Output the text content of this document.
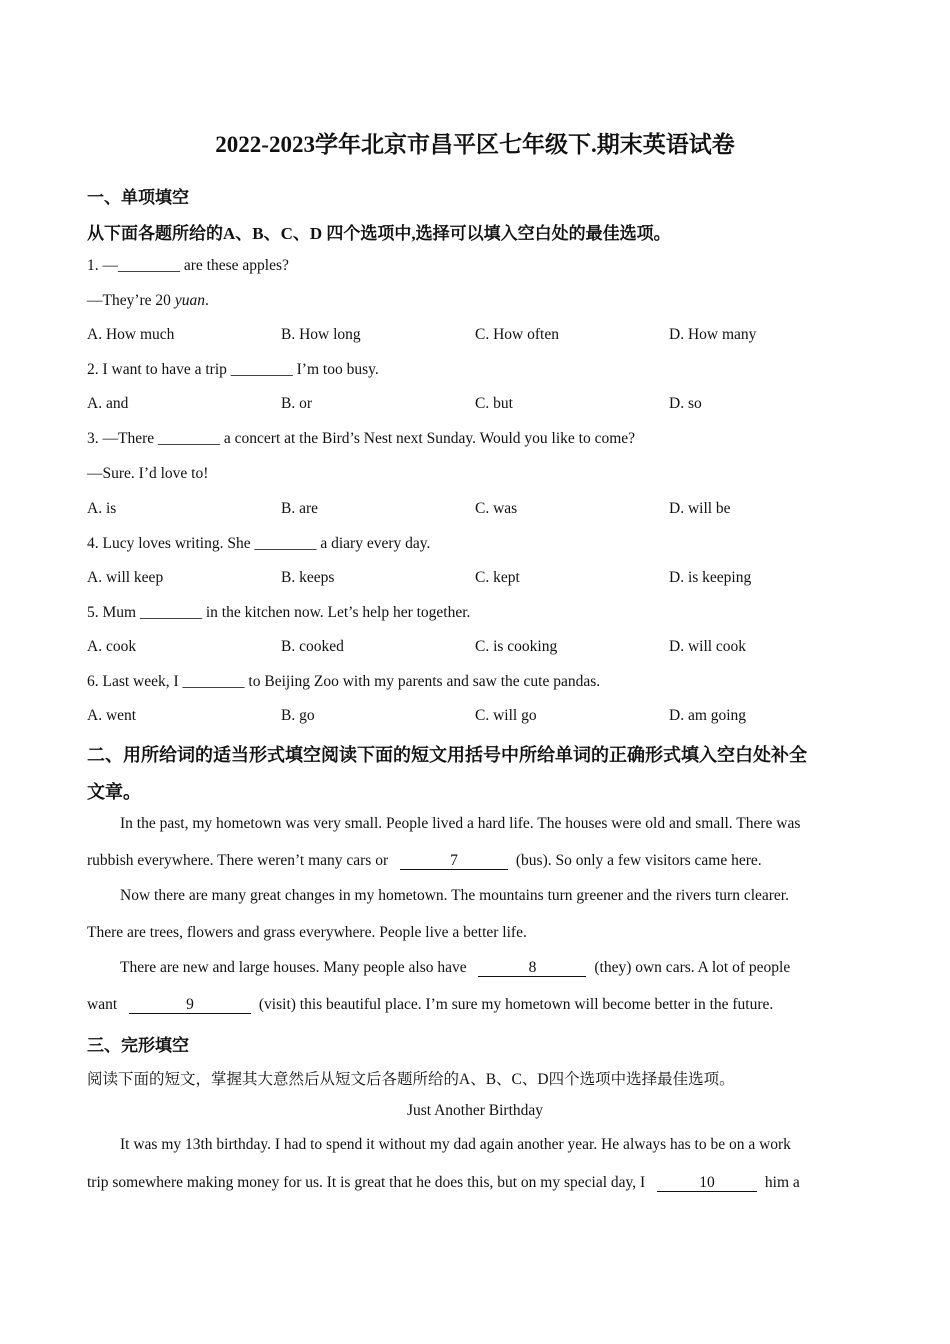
2022-2023学年北京市昌平区七年级下.期末英语试卷
一、单项填空
从下面各题所给的A、B、C、D 四个选项中,选择可以填入空白处的最佳选项。
1. —________ are these apples?
—They’re 20 yuan.
A. How much	B. How long	C. How often	D. How many
2. I want to have a trip ________ I’m too busy.
A. and	B. or	C. but	D. so
3. —There ________ a concert at the Bird’s Nest next Sunday. Would you like to come?
—Sure. I’d love to!
A. is	B. are	C. was	D. will be
4. Lucy loves writing. She ________ a diary every day.
A. will keep	B. keeps	C. kept	D. is keeping
5. Mum ________ in the kitchen now. Let’s help her together.
A. cook	B. cooked	C. is cooking	D. will cook
6. Last week, I ________ to Beijing Zoo with my parents and saw the cute pandas.
A. went	B. go	C. will go	D. am going
二、用所给词的适当形式填空阅读下面的短文用括号中所给单词的正确形式填入空白处补全
文章。
In the past, my hometown was very small. People lived a hard life. The houses were old and small. There was
rubbish everywhere. There weren’t many cars or	7	(bus). So only a few visitors came here.
Now there are many great changes in my hometown. The mountains turn greener and the rivers turn clearer.
There are trees, flowers and grass everywhere. People live a better life.
There are new and large houses. Many people also have	8	(they) own cars. A lot of people
want	9	(visit) this beautiful place. I’m sure my hometown will become better in the future.
三、完形填空
阅读下面的短文，掌握其大意然后从短文后各题所给的A、B、C、D四个选项中选择最佳选项。
Just Another Birthday
It was my 13th birthday. I had to spend it without my dad again another year. He always has to be on a work
trip somewhere making money for us. It is great that he does this, but on my special day, I	10	him a
